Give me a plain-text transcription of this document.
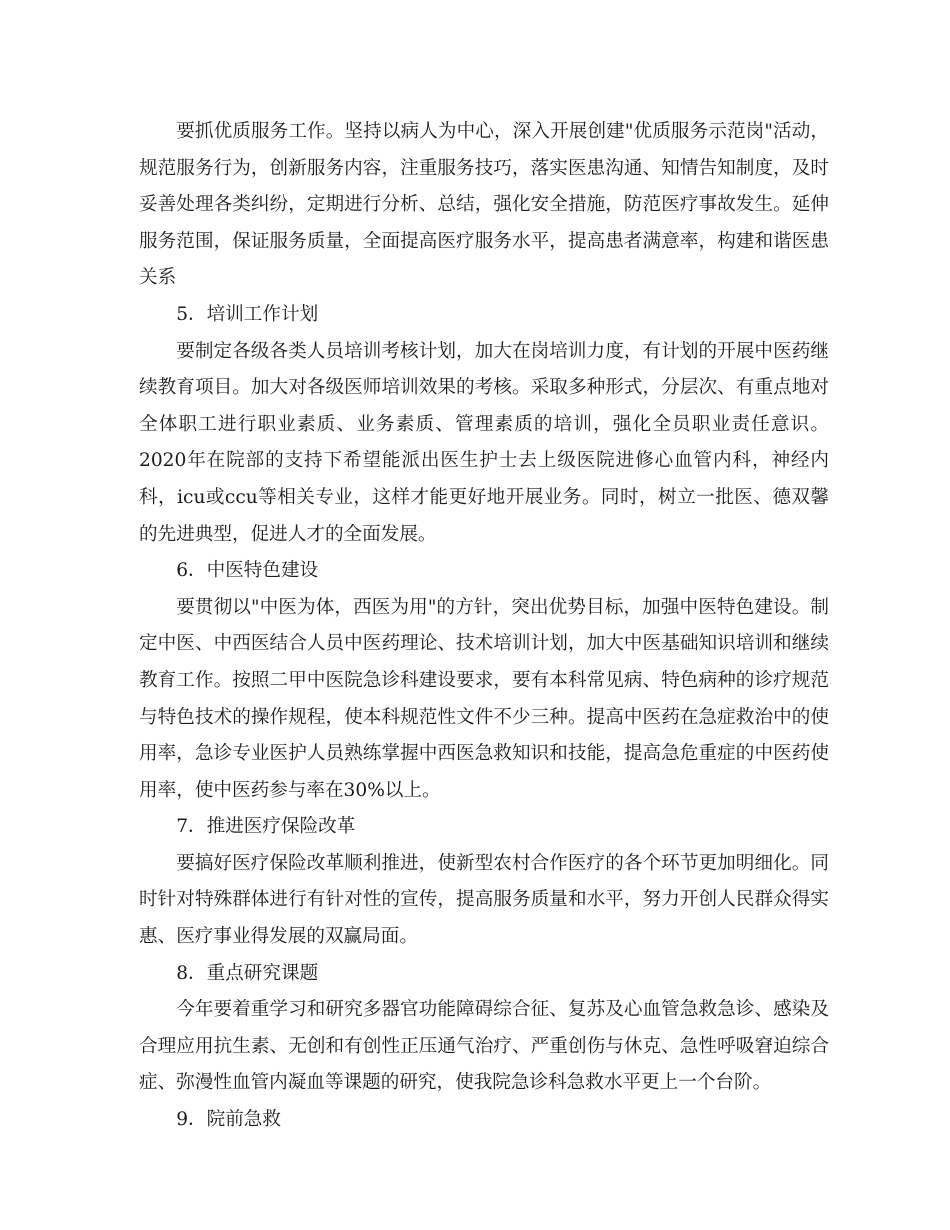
要抓优质服务工作。坚持以病人为中心，深入开展创建"优质服务示范岗"活动，规范服务行为，创新服务内容，注重服务技巧，落实医患沟通、知情告知制度，及时妥善处理各类纠纷，定期进行分析、总结，强化安全措施，防范医疗事故发生。延伸服务范围，保证服务质量，全面提高医疗服务水平，提高患者满意率，构建和谐医患关系

5．培训工作计划

要制定各级各类人员培训考核计划，加大在岗培训力度，有计划的开展中医药继续教育项目。加大对各级医师培训效果的考核。采取多种形式，分层次、有重点地对全体职工进行职业素质、业务素质、管理素质的培训，强化全员职业责任意识。2020年在院部的支持下希望能派出医生护士去上级医院进修心血管内科，神经内科，icu或ccu等相关专业，这样才能更好地开展业务。同时，树立一批医、德双馨的先进典型，促进人才的全面发展。

6．中医特色建设

要贯彻以"中医为体，西医为用"的方针，突出优势目标，加强中医特色建设。制定中医、中西医结合人员中医药理论、技术培训计划，加大中医基础知识培训和继续教育工作。按照二甲中医院急诊科建设要求，要有本科常见病、特色病种的诊疗规范与特色技术的操作规程，使本科规范性文件不少三种。提高中医药在急症救治中的使用率，急诊专业医护人员熟练掌握中西医急救知识和技能，提高急危重症的中医药使用率，使中医药参与率在30%以上。

7．推进医疗保险改革

要搞好医疗保险改革顺利推进，使新型农村合作医疗的各个环节更加明细化。同时针对特殊群体进行有针对性的宣传，提高服务质量和水平，努力开创人民群众得实惠、医疗事业得发展的双赢局面。

8．重点研究课题

今年要着重学习和研究多器官功能障碍综合征、复苏及心血管急救急诊、感染及合理应用抗生素、无创和有创性正压通气治疗、严重创伤与休克、急性呼吸窘迫综合症、弥漫性血管内凝血等课题的研究，使我院急诊科急救水平更上一个台阶。

9．院前急救
